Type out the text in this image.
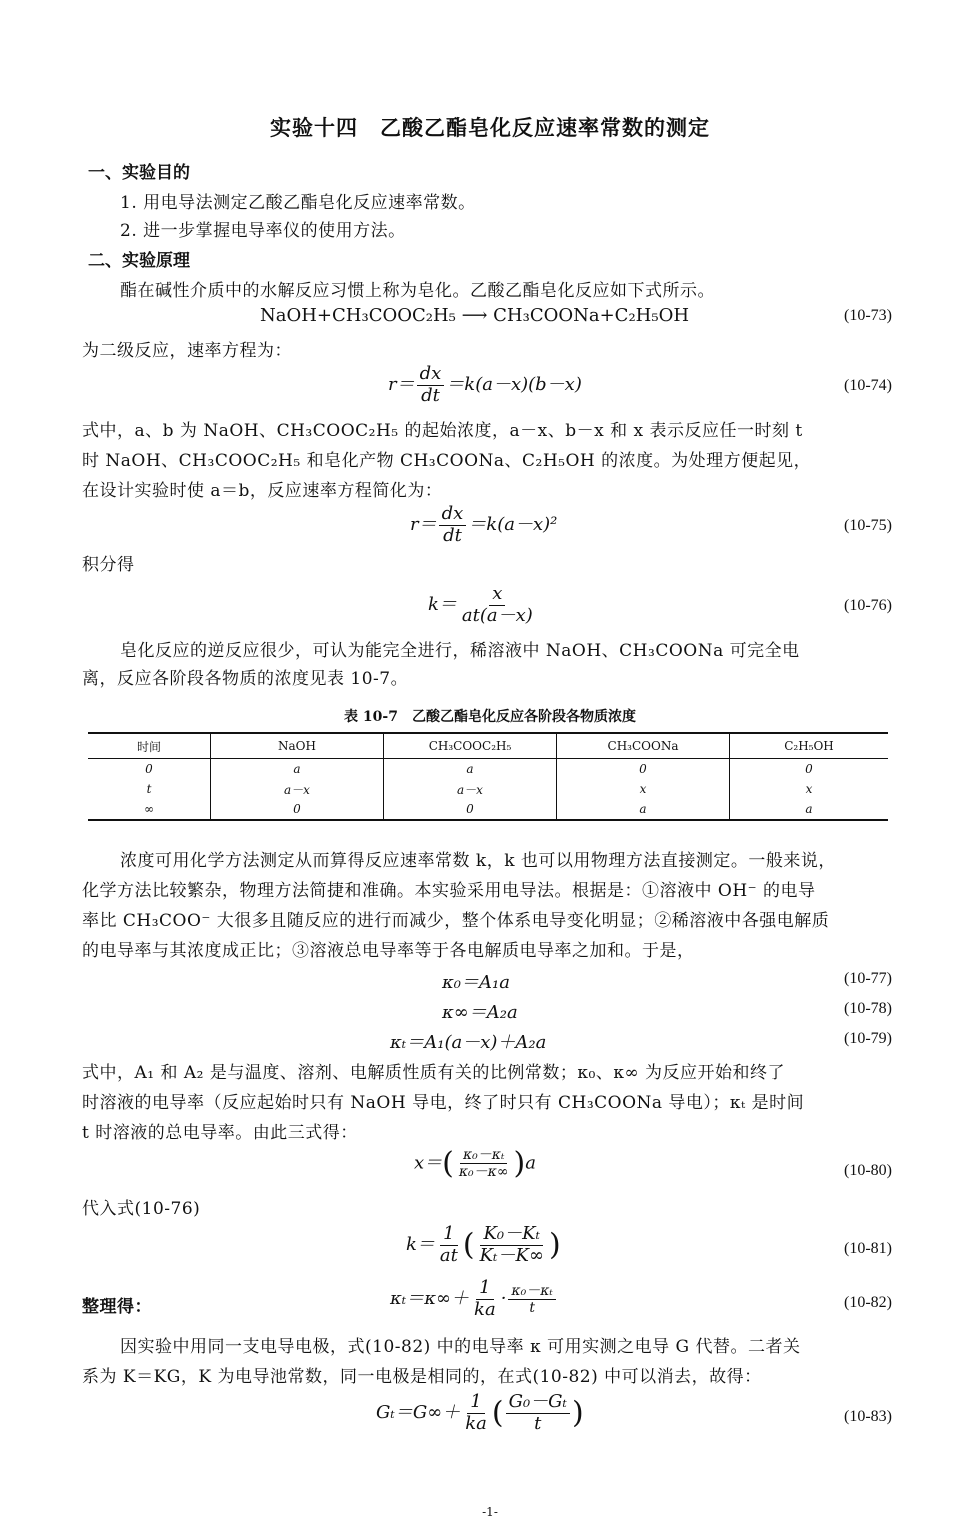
实验十四　乙酸乙酯皂化反应速率常数的测定
一、实验目的
1. 用电导法测定乙酸乙酯皂化反应速率常数。
2. 进一步掌握电导率仪的使用方法。
二、实验原理
酯在碱性介质中的水解反应习惯上称为皂化。乙酸乙酯皂化反应如下式所示。
NaOH+CH₃COOC₂H₅ ⟶ CH₃COONa+C₂H₅OH	(10-73)
为二级反应，速率方程为：
$r= \frac{dx}{dt} =k(a-x)(b-x)$	(10-74)
式中，a、b 为 NaOH、CH₃COOC₂H₅ 的起始浓度，a－x、b－x 和 x 表示反应任一时刻 t
时 NaOH、CH₃COOC₂H₅ 和皂化产物 CH₃COONa、C₂H₅OH 的浓度。为处理方便起见，
在设计实验时使 a＝b，反应速率方程简化为：
$r= \frac{dx}{dt} =k(a-x)^2$	(10-75)
积分得
$k= \frac{x}{at(a-x)}$	(10-76)
皂化反应的逆反应很少，可认为能完全进行，稀溶液中 NaOH、CH₃COONa 可完全电
离，反应各阶段各物质的浓度见表 10-7。
表 10-7　乙酸乙酯皂化反应各阶段各物质浓度
时间	NaOH	CH₃COOC₂H₅	CH₃COONa	C₂H₅OH
0	a	a	0	0
t	a－x	a－x	x	x
∞	0	0	a	a
浓度可用化学方法测定从而算得反应速率常数 k，k 也可以用物理方法直接测定。一般来说，
化学方法比较繁杂，物理方法简捷和准确。本实验采用电导法。根据是：①溶液中 OH⁻ 的电导
率比 CH₃COO⁻ 大很多且随反应的进行而减少，整个体系电导变化明显；②稀溶液中各强电解质
的电导率与其浓度成正比；③溶液总电导率等于各电解质电导率之加和。于是，
κ₀＝A₁a	(10-77)
κ∞＝A₂a	(10-78)
κₜ＝A₁(a－x)＋A₂a	(10-79)
式中，A₁ 和 A₂ 是与温度、溶剂、电解质性质有关的比例常数；κ₀、κ∞ 为反应开始和终了
时溶液的电导率（反应起始时只有 NaOH 导电，终了时只有 CH₃COONa 导电）；κₜ 是时间
t 时溶液的总电导率。由此三式得：
$x=( \frac{\text{κ₀－κₜ}}{\text{κ₀－κ∞}} )a$	(10-80)
代入式(10-76)
$k= \frac{1}{at}$ ( $\frac{\text{K₀－Kₜ}}{\text{Kₜ－K∞}}$ )	(10-81)
整理得：	$\kappa_t=\kappa\infty+ \frac{1}{ka} \cdot \frac{\text{κ₀－κₜ}}{t}$	(10-82)
因实验中用同一支电导电极，式(10-82) 中的电导率 κ 可用实测之电导 G 代替。二者关
系为 K＝KG，K 为电导池常数，同一电极是相同的，在式(10-82) 中可以消去，故得：
$G_t=G\infty+ \frac{1}{ka}$ ( $\frac{\text{G₀－Gₜ}}{t}$ )	(10-83)
-1-
